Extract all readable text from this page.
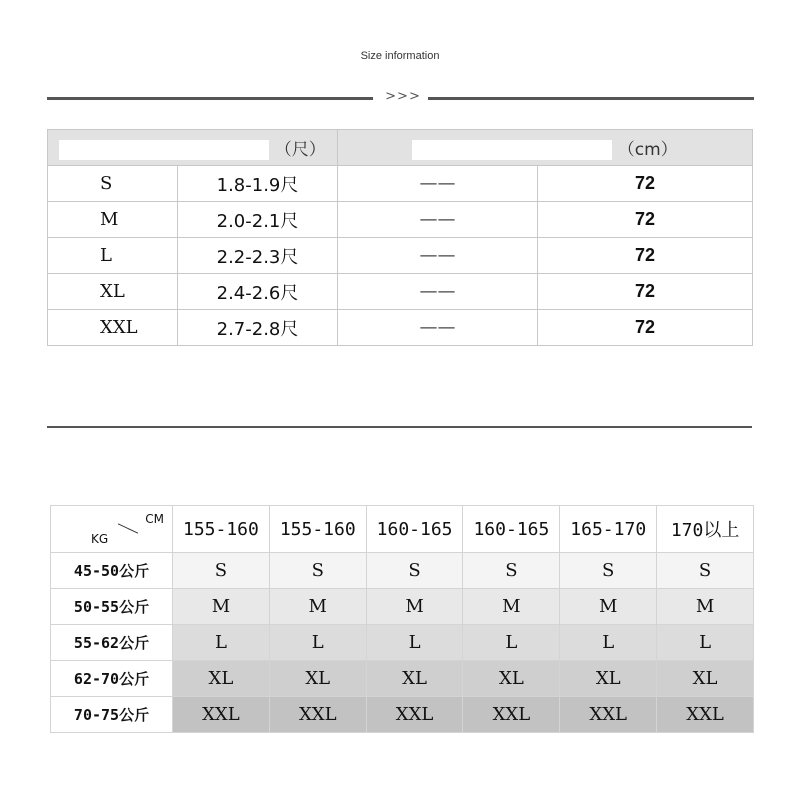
Size information
>>>
（尺）		（cm）	
S	1.8-1.9尺	——	72
M	2.0-2.1尺	——	72
L	2.2-2.3尺	——	72
XL	2.4-2.6尺	——	72
XXL	2.7-2.8尺	——	72
CM
KG	155-160	155-160	160-165	160-165	165-170	170以上
45-50公斤	S	S	S	S	S	S
50-55公斤	M	M	M	M	M	M
55-62公斤	L	L	L	L	L	L
62-70公斤	XL	XL	XL	XL	XL	XL
70-75公斤	XXL	XXL	XXL	XXL	XXL	XXL
